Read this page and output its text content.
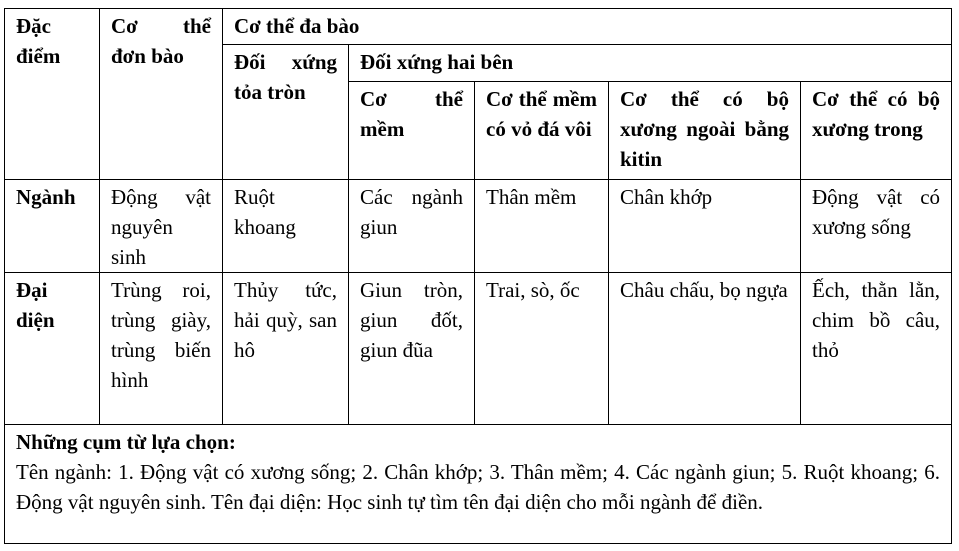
Đặc điểm	Cơ thể đơn bào	Cơ thể đa bào				
		Đối xứng tỏa tròn	Đối xứng hai bên			
			Cơ thể mềm	Cơ thể mềm có vỏ đá vôi	Cơ thể có bộ xương ngoài bằng kitin	Cơ thể có bộ xương trong
Ngành	Động vật nguyên sinh	Ruột khoang	Các ngành giun	Thân mềm	Chân khớp	Động vật có xương sống
Đại diện	Trùng roi, trùng giày, trùng biến hình	Thủy tức, hải quỳ, san hô	Giun tròn, giun đốt, giun đũa	Trai, sò, ốc	Châu chấu, bọ ngựa	Ếch, thằn lằn, chim bồ câu, thỏ

Những cụm từ lựa chọn:
Tên ngành: 1. Động vật có xương sống; 2. Chân khớp; 3. Thân mềm; 4. Các ngành giun; 5. Ruột khoang; 6. Động vật nguyên sinh. Tên đại diện: Học sinh tự tìm tên đại diện cho mỗi ngành để điền.						
